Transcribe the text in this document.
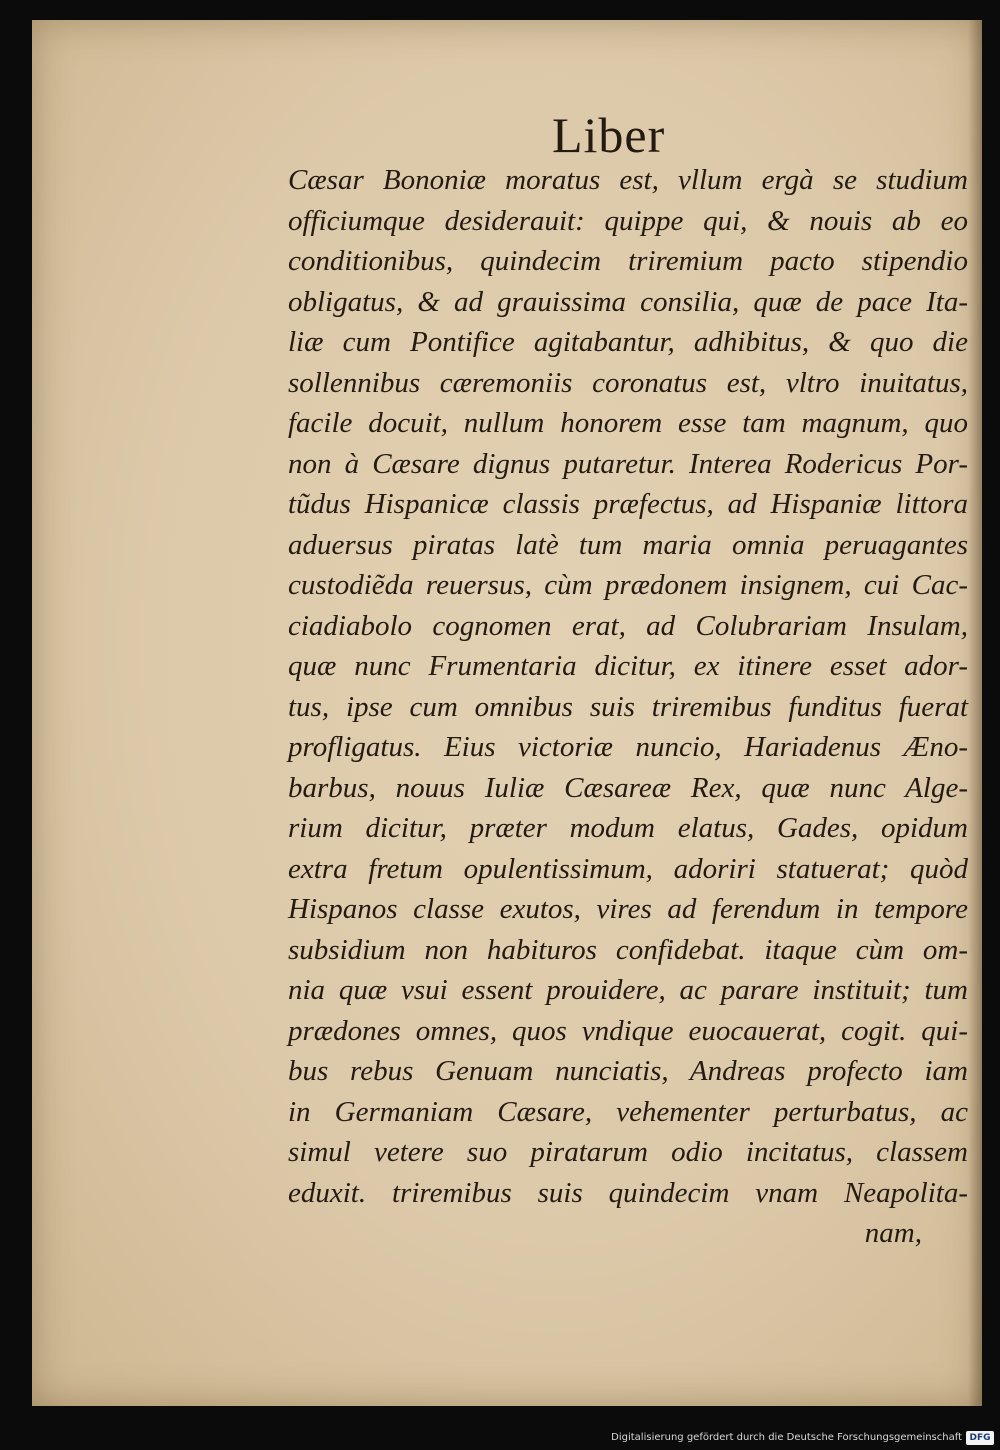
Liber
Cæsar Bononiæ moratus est, vllum ergà se studium
officiumque desiderauit: quippe qui, & nouis ab eo
conditionibus, quindecim triremium pacto stipendio
obligatus, & ad grauissima consilia, quæ de pace Ita-
liæ cum Pontifice agitabantur, adhibitus, & quo die
sollennibus cæremoniis coronatus est, vltro inuitatus,
facile docuit, nullum honorem esse tam magnum, quo
non à Cæsare dignus putaretur. Interea Rodericus Por-
tũdus Hispanicæ classis præfectus, ad Hispaniæ littora
aduersus piratas latè tum maria omnia peruagantes
custodiẽda reuersus, cùm prædonem insignem, cui Cac-
ciadiabolo cognomen erat, ad Colubrariam Insulam,
quæ nunc Frumentaria dicitur, ex itinere esset ador-
tus, ipse cum omnibus suis triremibus funditus fuerat
profligatus. Eius victoriæ nuncio, Hariadenus Æno-
barbus, nouus Iuliæ Cæsareæ Rex, quæ nunc Alge-
rium dicitur, præter modum elatus, Gades, opidum
extra fretum opulentissimum, adoriri statuerat; quòd
Hispanos classe exutos, vires ad ferendum in tempore
subsidium non habituros confidebat. itaque cùm om-
nia quæ vsui essent prouidere, ac parare instituit; tum
prædones omnes, quos vndique euocauerat, cogit. qui-
bus rebus Genuam nunciatis, Andreas profecto iam
in Germaniam Cæsare, vehementer perturbatus, ac
simul vetere suo piratarum odio incitatus, classem
eduxit. triremibus suis quindecim vnam Neapolita-
nam,
Digitalisierung gefördert durch die Deutsche Forschungsgemeinschaft DFG
